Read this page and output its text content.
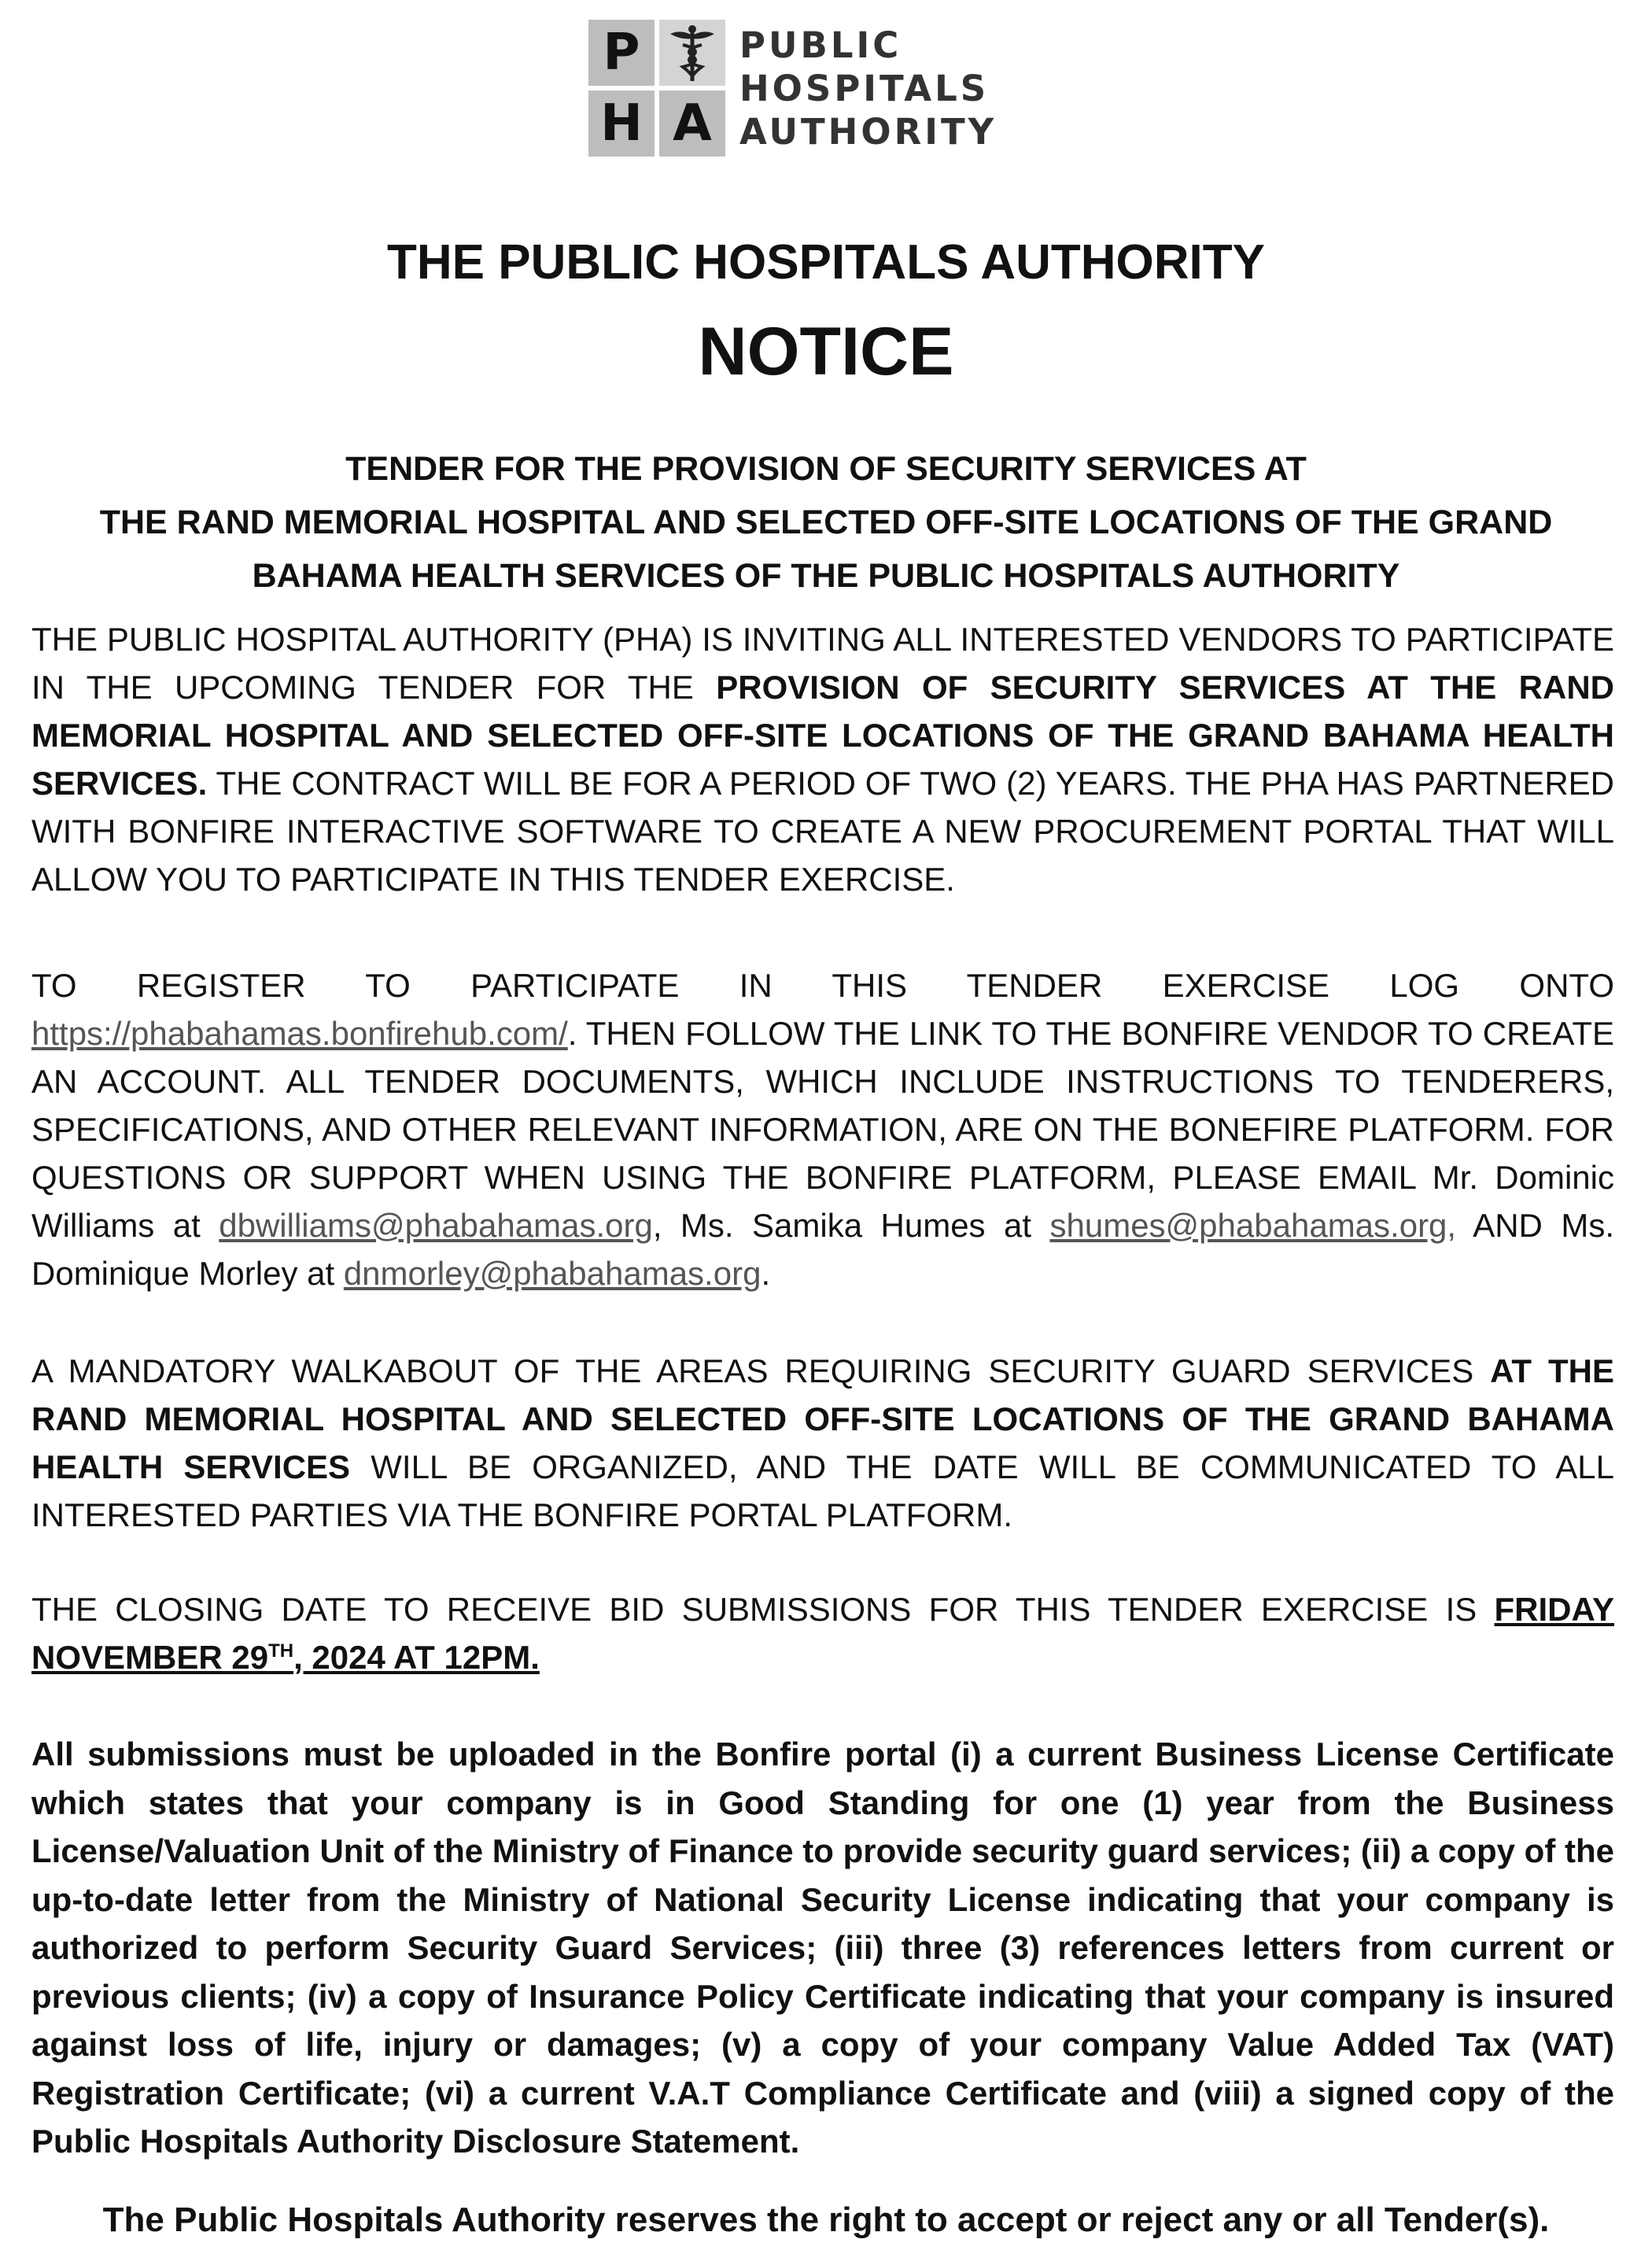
P
H A
PUBLIC
HOSPITALS
AUTHORITY
THE PUBLIC HOSPITALS AUTHORITY
NOTICE
TENDER FOR THE PROVISION OF SECURITY SERVICES AT
THE RAND MEMORIAL HOSPITAL AND SELECTED OFF-SITE LOCATIONS OF THE GRAND
BAHAMA HEALTH SERVICES OF THE PUBLIC HOSPITALS AUTHORITY
THE PUBLIC HOSPITAL AUTHORITY (PHA) IS INVITING ALL INTERESTED VENDORS TO PARTICIPATE IN THE UPCOMING TENDER FOR THE PROVISION OF SECURITY SERVICES AT THE RAND MEMORIAL HOSPITAL AND SELECTED OFF-SITE LOCATIONS OF THE GRAND BAHAMA HEALTH SERVICES. THE CONTRACT WILL BE FOR A PERIOD OF TWO (2) YEARS. THE PHA HAS PARTNERED WITH BONFIRE INTERACTIVE SOFTWARE TO CREATE A NEW PROCUREMENT PORTAL THAT WILL ALLOW YOU TO PARTICIPATE IN THIS TENDER EXERCISE.
TO REGISTER TO PARTICIPATE IN THIS TENDER EXERCISE LOG ONTO https://phabahamas.bonfirehub.com/. THEN FOLLOW THE LINK TO THE BONFIRE VENDOR TO CREATE AN ACCOUNT. ALL TENDER DOCUMENTS, WHICH INCLUDE INSTRUCTIONS TO TENDERERS, SPECIFICATIONS, AND OTHER RELEVANT INFORMATION, ARE ON THE BONEFIRE PLATFORM. FOR QUESTIONS OR SUPPORT WHEN USING THE BONFIRE PLATFORM, PLEASE EMAIL Mr. Dominic Williams at dbwilliams@phabahamas.org, Ms. Samika Humes at shumes@phabahamas.org, AND Ms. Dominique Morley at dnmorley@phabahamas.org.
A MANDATORY WALKABOUT OF THE AREAS REQUIRING SECURITY GUARD SERVICES AT THE RAND MEMORIAL HOSPITAL AND SELECTED OFF-SITE LOCATIONS OF THE GRAND BAHAMA HEALTH SERVICES WILL BE ORGANIZED, AND THE DATE WILL BE COMMUNICATED TO ALL INTERESTED PARTIES VIA THE BONFIRE PORTAL PLATFORM.
THE CLOSING DATE TO RECEIVE BID SUBMISSIONS FOR THIS TENDER EXERCISE IS FRIDAY NOVEMBER 29TH, 2024 AT 12PM.
All submissions must be uploaded in the Bonfire portal (i) a current Business License Certificate which states that your company is in Good Standing for one (1) year from the Business License/Valuation Unit of the Ministry of Finance to provide security guard services; (ii) a copy of the up-to-date letter from the Ministry of National Security License indicating that your company is authorized to perform Security Guard Services; (iii) three (3) references letters from current or previous clients; (iv) a copy of Insurance Policy Certificate indicating that your company is insured against loss of life, injury or damages; (v) a copy of your company Value Added Tax (VAT) Registration Certificate; (vi) a current V.A.T Compliance Certificate and (viii) a signed copy of the Public Hospitals Authority Disclosure Statement.
The Public Hospitals Authority reserves the right to accept or reject any or all Tender(s).
